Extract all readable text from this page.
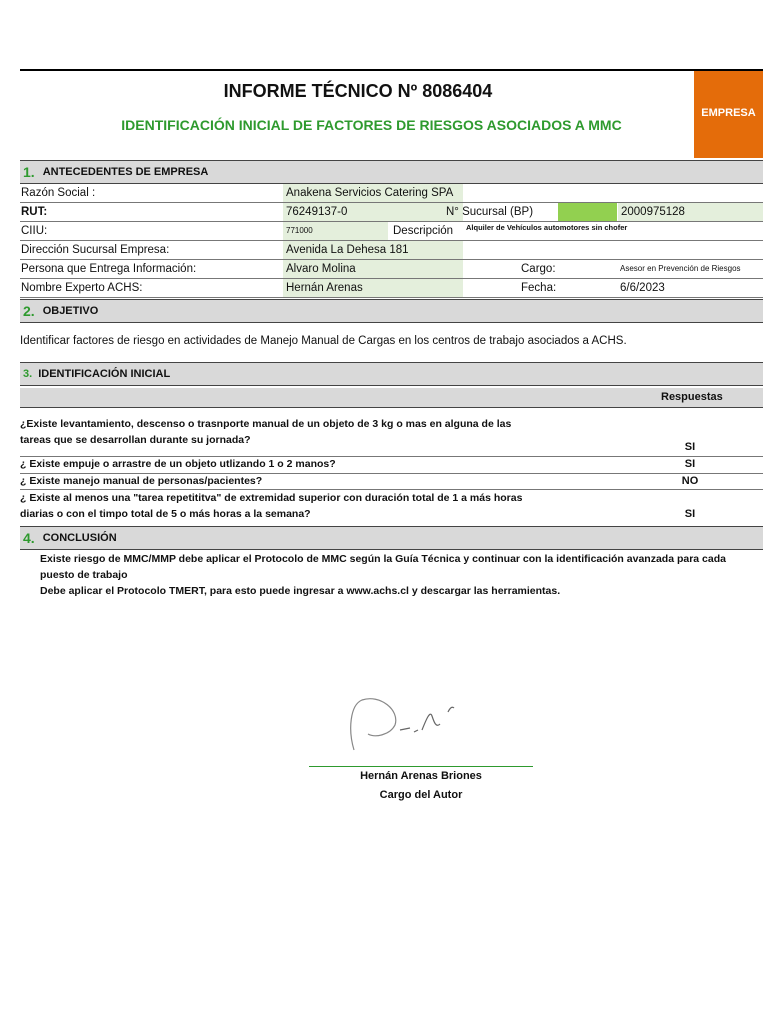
INFORME TÉCNICO Nº 8086404
IDENTIFICACIÓN INICIAL DE FACTORES DE RIESGOS ASOCIADOS A MMC
EMPRESA
1. ANTECEDENTES DE EMPRESA
Razón Social :	Anakena Servicios Catering SPA
RUT:	76249137-0	N° Sucursal (BP)	2000975128
CIIU:	771000	Descripción	Alquiler de Vehículos automotores sin chofer
Dirección Sucursal Empresa:	Avenida La Dehesa 181
Persona que Entrega Información:	Alvaro Molina	Cargo:	Asesor en Prevención de Riesgos
Nombre Experto ACHS:	Hernán Arenas	Fecha:	6/6/2023
2. OBJETIVO
Identificar factores de riesgo en actividades de Manejo Manual de Cargas en los centros de trabajo asociados a ACHS.
3. IDENTIFICACIÓN INICIAL
Respuestas
¿Existe levantamiento, descenso o trasnporte manual de un objeto de 3 kg o mas en alguna de las
tareas que se desarrollan durante su jornada?
SI
¿ Existe empuje o arrastre de un objeto utlizando 1 o 2 manos?	SI
¿ Existe manejo manual de personas/pacientes?	NO
¿ Existe al menos una "tarea repetititva" de extremidad superior con duración total de 1 a más horas
diarias o con el timpo total de 5 o más horas a la semana?	SI
4. CONCLUSIÓN
Existe riesgo de MMC/MMP debe aplicar el Protocolo de MMC según la Guía Técnica y continuar con la identificación avanzada para cada
puesto de trabajo
Debe aplicar el Protocolo TMERT, para esto puede ingresar a www.achs.cl y descargar las herramientas.
Hernán Arenas Briones
Cargo del Autor
